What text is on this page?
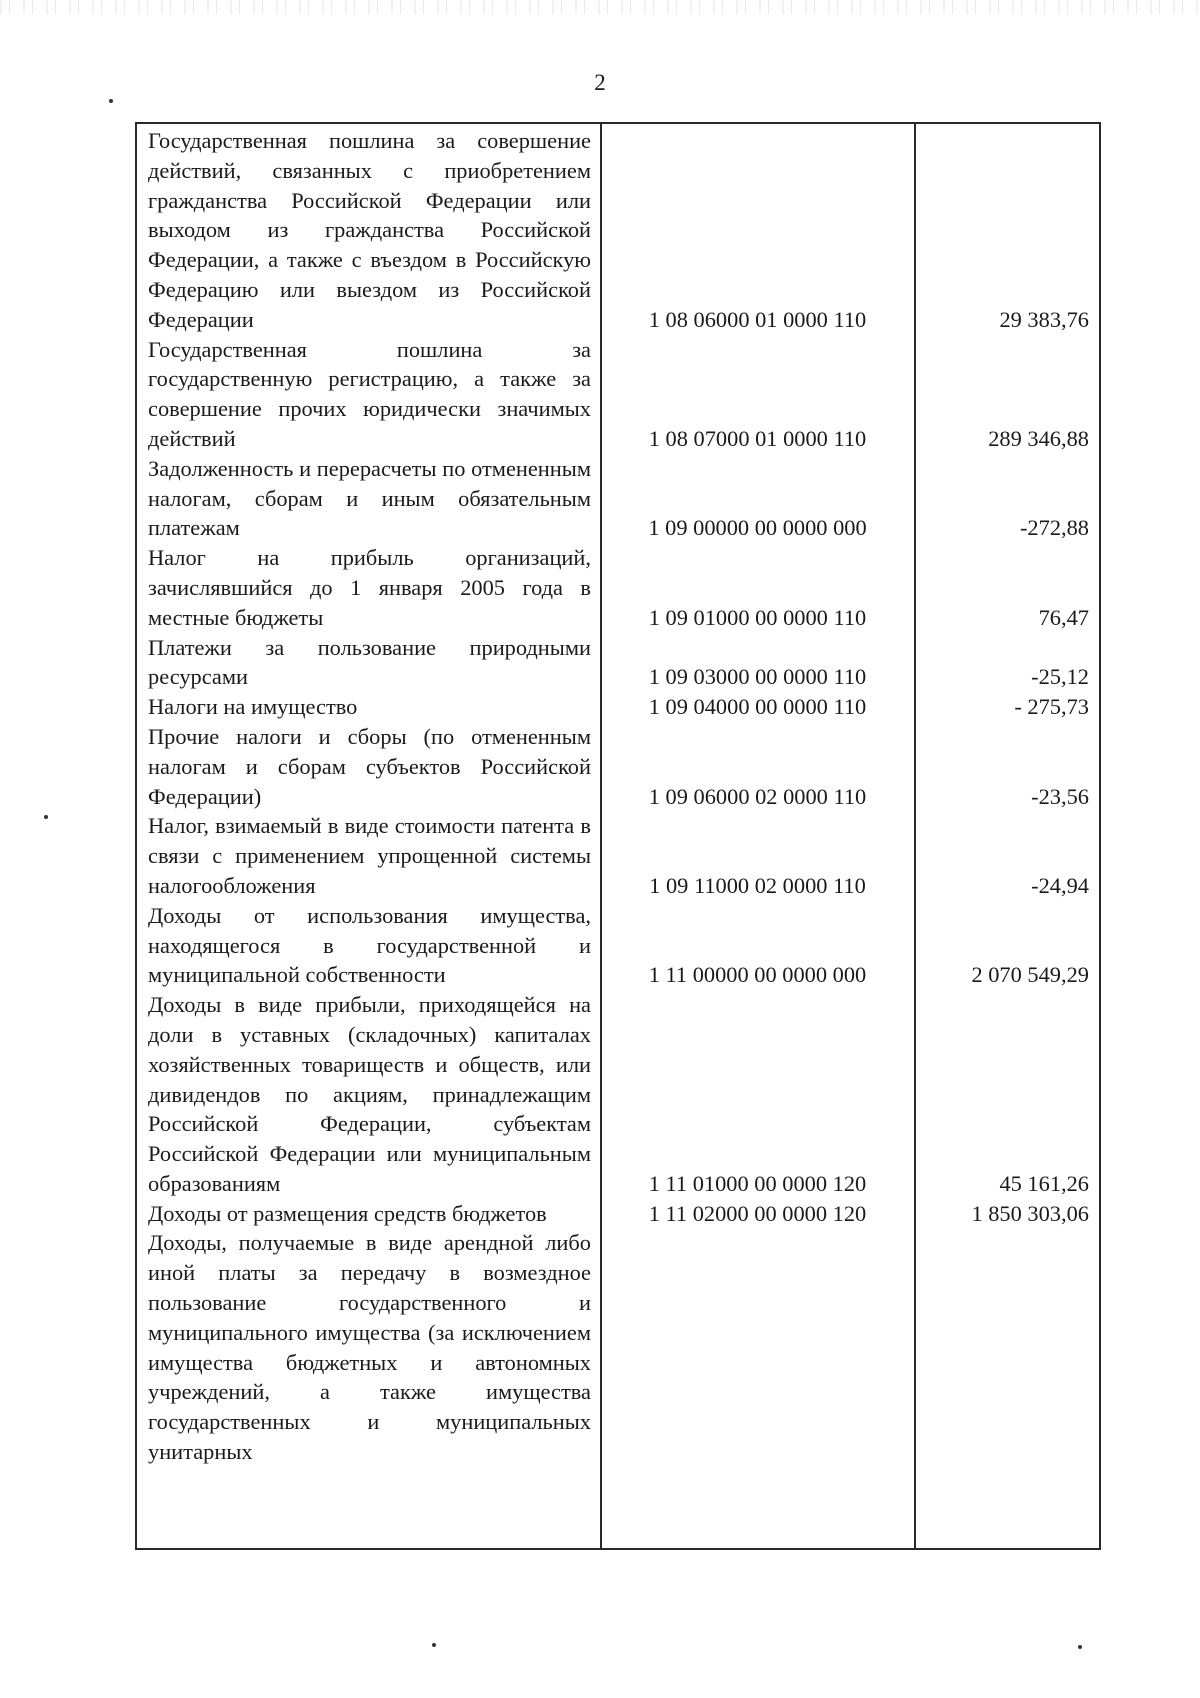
2
Государственная пошлина за совершение действий, связанных с приобретением гражданства Российской Федерации или выходом из гражданства Российской Федерации, а также с въездом в Российскую Федерацию или выездом из Российской Федерации	1 08 06000 01 0000 110	29 383,76
Государственная пошлина за государственную регистрацию, а также за совершение прочих юридически значимых действий	1 08 07000 01 0000 110	289 346,88
Задолженность и перерасчеты по отмененным налогам, сборам и иным обязательным платежам	1 09 00000 00 0000 000	-272,88
Налог на прибыль организаций, зачислявшийся до 1 января 2005 года в местные бюджеты	1 09 01000 00 0000 110	76,47
Платежи за пользование природными ресурсами	1 09 03000 00 0000 110	-25,12
Налоги на имущество	1 09 04000 00 0000 110	- 275,73
Прочие налоги и сборы (по отмененным налогам и сборам субъектов Российской Федерации)	1 09 06000 02 0000 110	-23,56
Налог, взимаемый в виде стоимости патента в связи с применением упрощенной системы налогообложения	1 09 11000 02 0000 110	-24,94
Доходы от использования имущества, находящегося в государственной и муниципальной собственности	1 11 00000 00 0000 000	2 070 549,29
Доходы в виде прибыли, приходящейся на доли в уставных (складочных) капиталах хозяйственных товариществ и обществ, или дивидендов по акциям, принадлежащим Российской Федерации, субъектам Российской Федерации или муниципальным образованиям	1 11 01000 00 0000 120	45 161,26
Доходы от размещения средств бюджетов	1 11 02000 00 0000 120	1 850 303,06
Доходы, получаемые в виде арендной либо иной платы за передачу в возмездное пользование государственного и муниципального имущества (за исключением имущества бюджетных и автономных учреждений, а также имущества государственных и муниципальных унитарных
